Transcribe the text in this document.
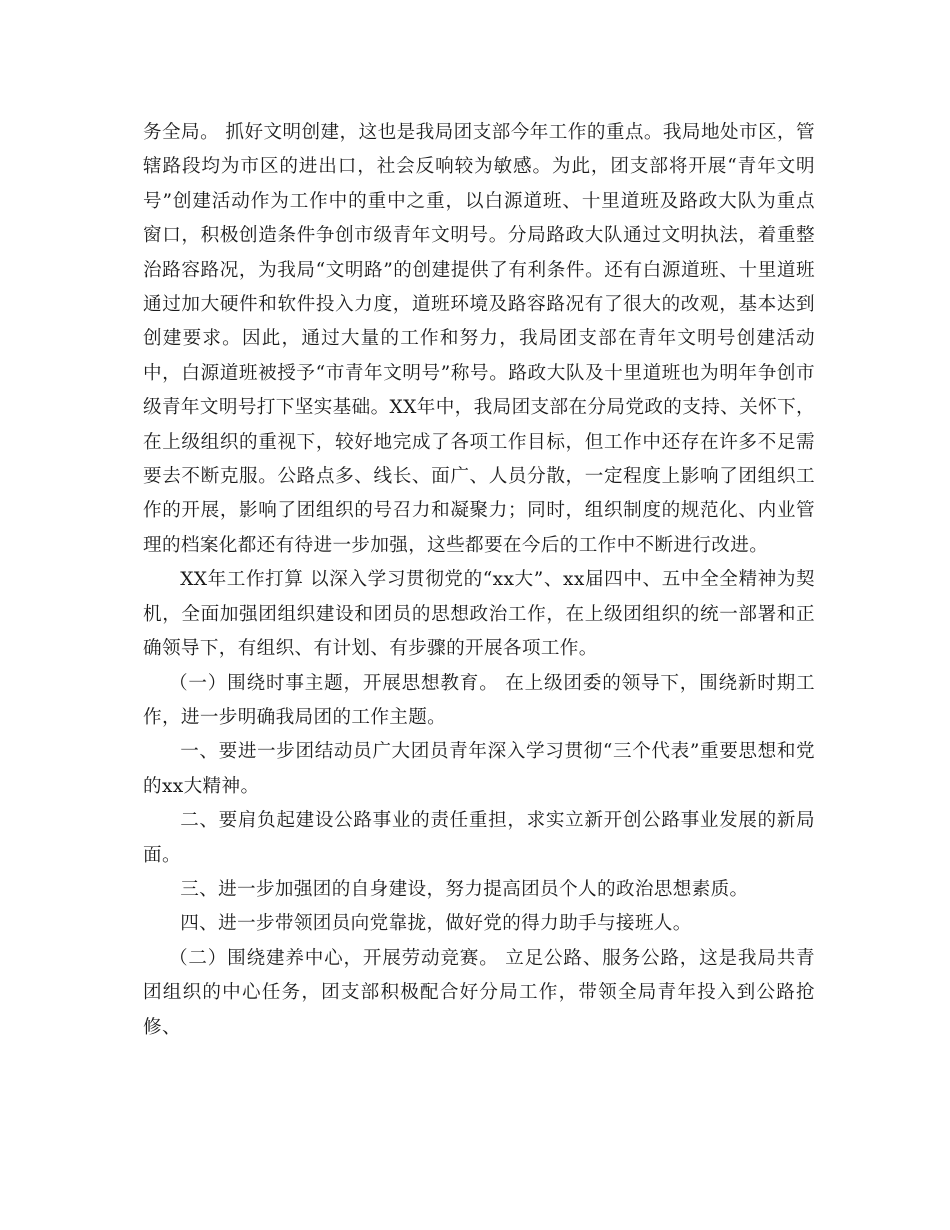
务全局。 抓好文明创建，这也是我局团支部今年工作的重点。我局地处市区，管辖路段均为市区的进出口，社会反响较为敏感。为此，团支部将开展“青年文明号”创建活动作为工作中的重中之重，以白源道班、十里道班及路政大队为重点窗口，积极创造条件争创市级青年文明号。分局路政大队通过文明执法，着重整治路容路况，为我局“文明路”的创建提供了有利条件。还有白源道班、十里道班通过加大硬件和软件投入力度，道班环境及路容路况有了很大的改观，基本达到创建要求。因此，通过大量的工作和努力，我局团支部在青年文明号创建活动中，白源道班被授予“市青年文明号”称号。路政大队及十里道班也为明年争创市级青年文明号打下坚实基础。XX年中，我局团支部在分局党政的支持、关怀下，在上级组织的重视下，较好地完成了各项工作目标，但工作中还存在许多不足需要去不断克服。公路点多、线长、面广、人员分散，一定程度上影响了团组织工作的开展，影响了团组织的号召力和凝聚力；同时，组织制度的规范化、内业管理的档案化都还有待进一步加强，这些都要在今后的工作中不断进行改进。

XX年工作打算 以深入学习贯彻党的“xx大”、xx届四中、五中全全精神为契机，全面加强团组织建设和团员的思想政治工作，在上级团组织的统一部署和正确领导下，有组织、有计划、有步骤的开展各项工作。

（一）围绕时事主题，开展思想教育。 在上级团委的领导下，围绕新时期工作，进一步明确我局团的工作主题。

一、要进一步团结动员广大团员青年深入学习贯彻“三个代表”重要思想和党的xx大精神。

二、要肩负起建设公路事业的责任重担，求实立新开创公路事业发展的新局面。

三、进一步加强团的自身建设，努力提高团员个人的政治思想素质。

四、进一步带领团员向党靠拢，做好党的得力助手与接班人。

（二）围绕建养中心，开展劳动竞赛。 立足公路、服务公路，这是我局共青团组织的中心任务，团支部积极配合好分局工作，带领全局青年投入到公路抢修、
